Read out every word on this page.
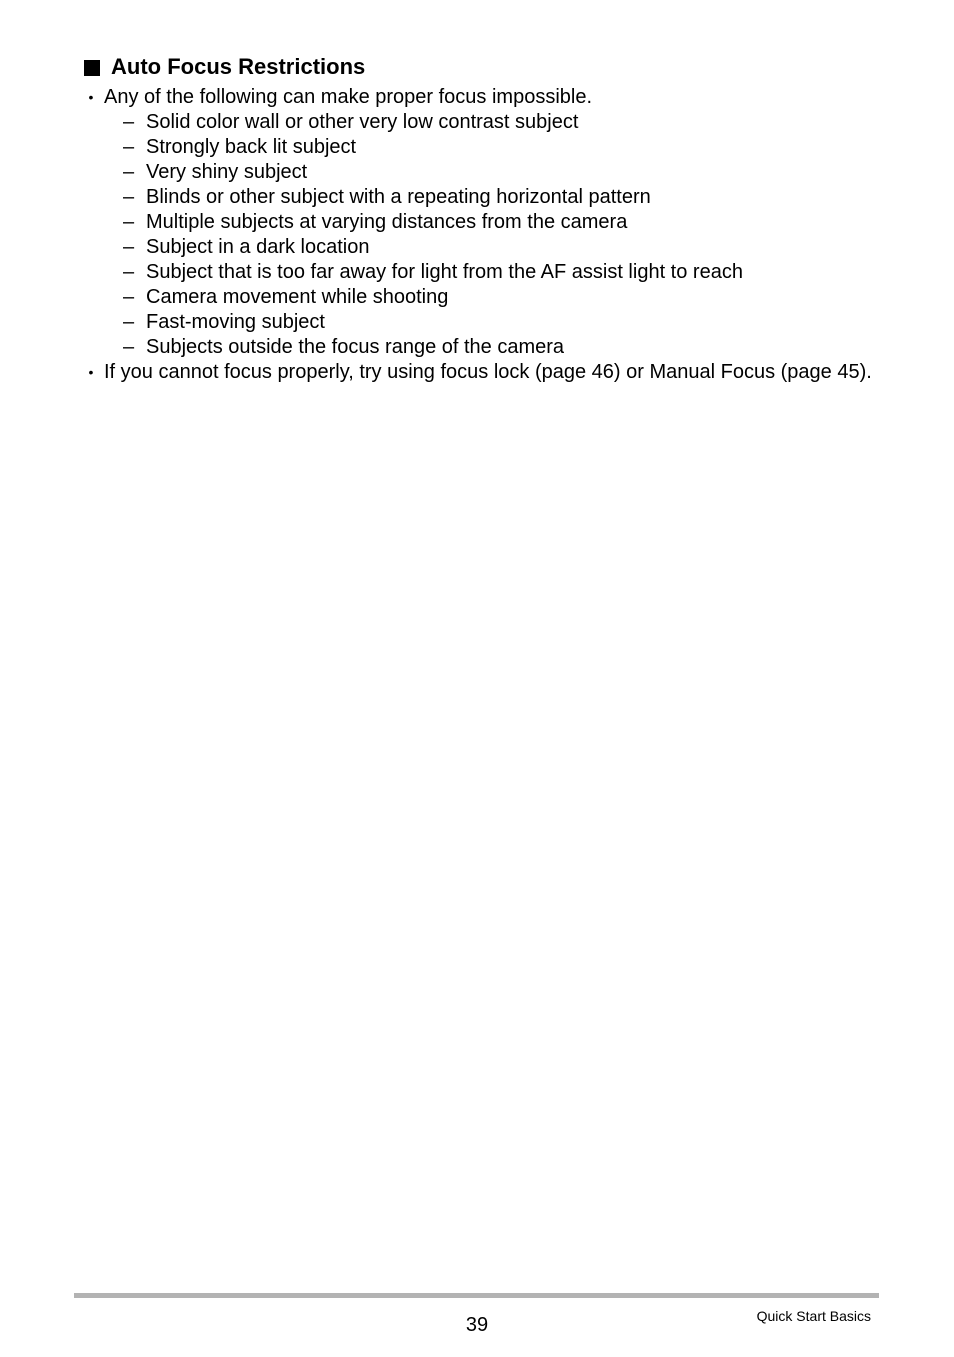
Auto Focus Restrictions
• Any of the following can make proper focus impossible.
– Solid color wall or other very low contrast subject
– Strongly back lit subject
– Very shiny subject
– Blinds or other subject with a repeating horizontal pattern
– Multiple subjects at varying distances from the camera
– Subject in a dark location
– Subject that is too far away for light from the AF assist light to reach
– Camera movement while shooting
– Fast-moving subject
– Subjects outside the focus range of the camera
• If you cannot focus properly, try using focus lock (page 46) or Manual Focus (page 45).
39	Quick Start Basics
